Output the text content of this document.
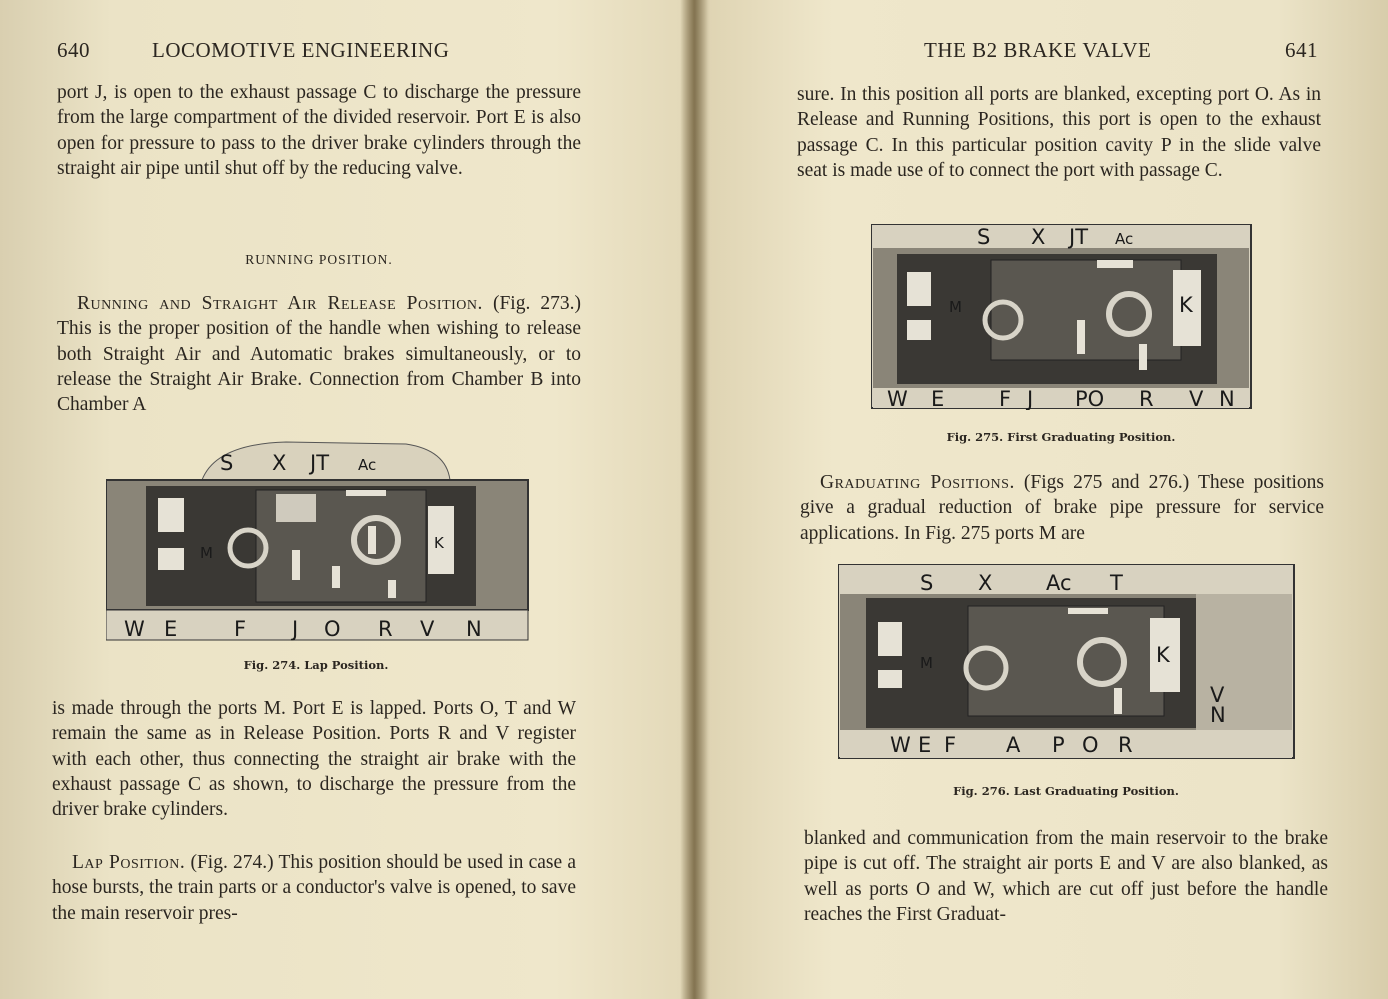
640	LOCOMOTIVE ENGINEERING

port J, is open to the exhaust passage C to discharge the pressure from the large compartment of the divided reservoir. Port E is also open for pressure to pass to the driver brake cylinders through the straight air pipe until shut off by the reducing valve.

RUNNING POSITION.

Running and Straight Air Release Position. (Fig. 273.) This is the proper position of the handle when wishing to release both Straight Air and Automatic brakes simultaneously, or to release the Straight Air Brake. Connection from Chamber B into Chamber A

S X JT Ac
M
K
W E	F J O R V N
Fig. 274. Lap Position.

is made through the ports M. Port E is lapped. Ports O, T and W remain the same as in Release Position. Ports R and V register with each other, thus connecting the straight air brake with the exhaust passage C as shown, to discharge the pressure from the driver brake cylinders.

Lap Position. (Fig. 274.) This position should be used in case a hose bursts, the train parts or a conductor's valve is opened, to save the main reservoir pres-

THE B2 BRAKE VALVE	641

sure. In this position all ports are blanked, excepting port O. As in Release and Running Positions, this port is open to the exhaust passage C. In this particular position cavity P in the slide valve seat is made use of to connect the port with passage C.

S X JT Ac
M	K
W E	F J PO R V N
Fig. 275. First Graduating Position.

Graduating Positions. (Figs 275 and 276.) These positions give a gradual reduction of brake pipe pressure for service applications. In Fig. 275 ports M are

S X	Ac T
M	K
V
N
W E F A P O R
Fig. 276. Last Graduating Position.

blanked and communication from the main reservoir to the brake pipe is cut off. The straight air ports E and V are also blanked, as well as ports O and W, which are cut off just before the handle reaches the First Graduat-
